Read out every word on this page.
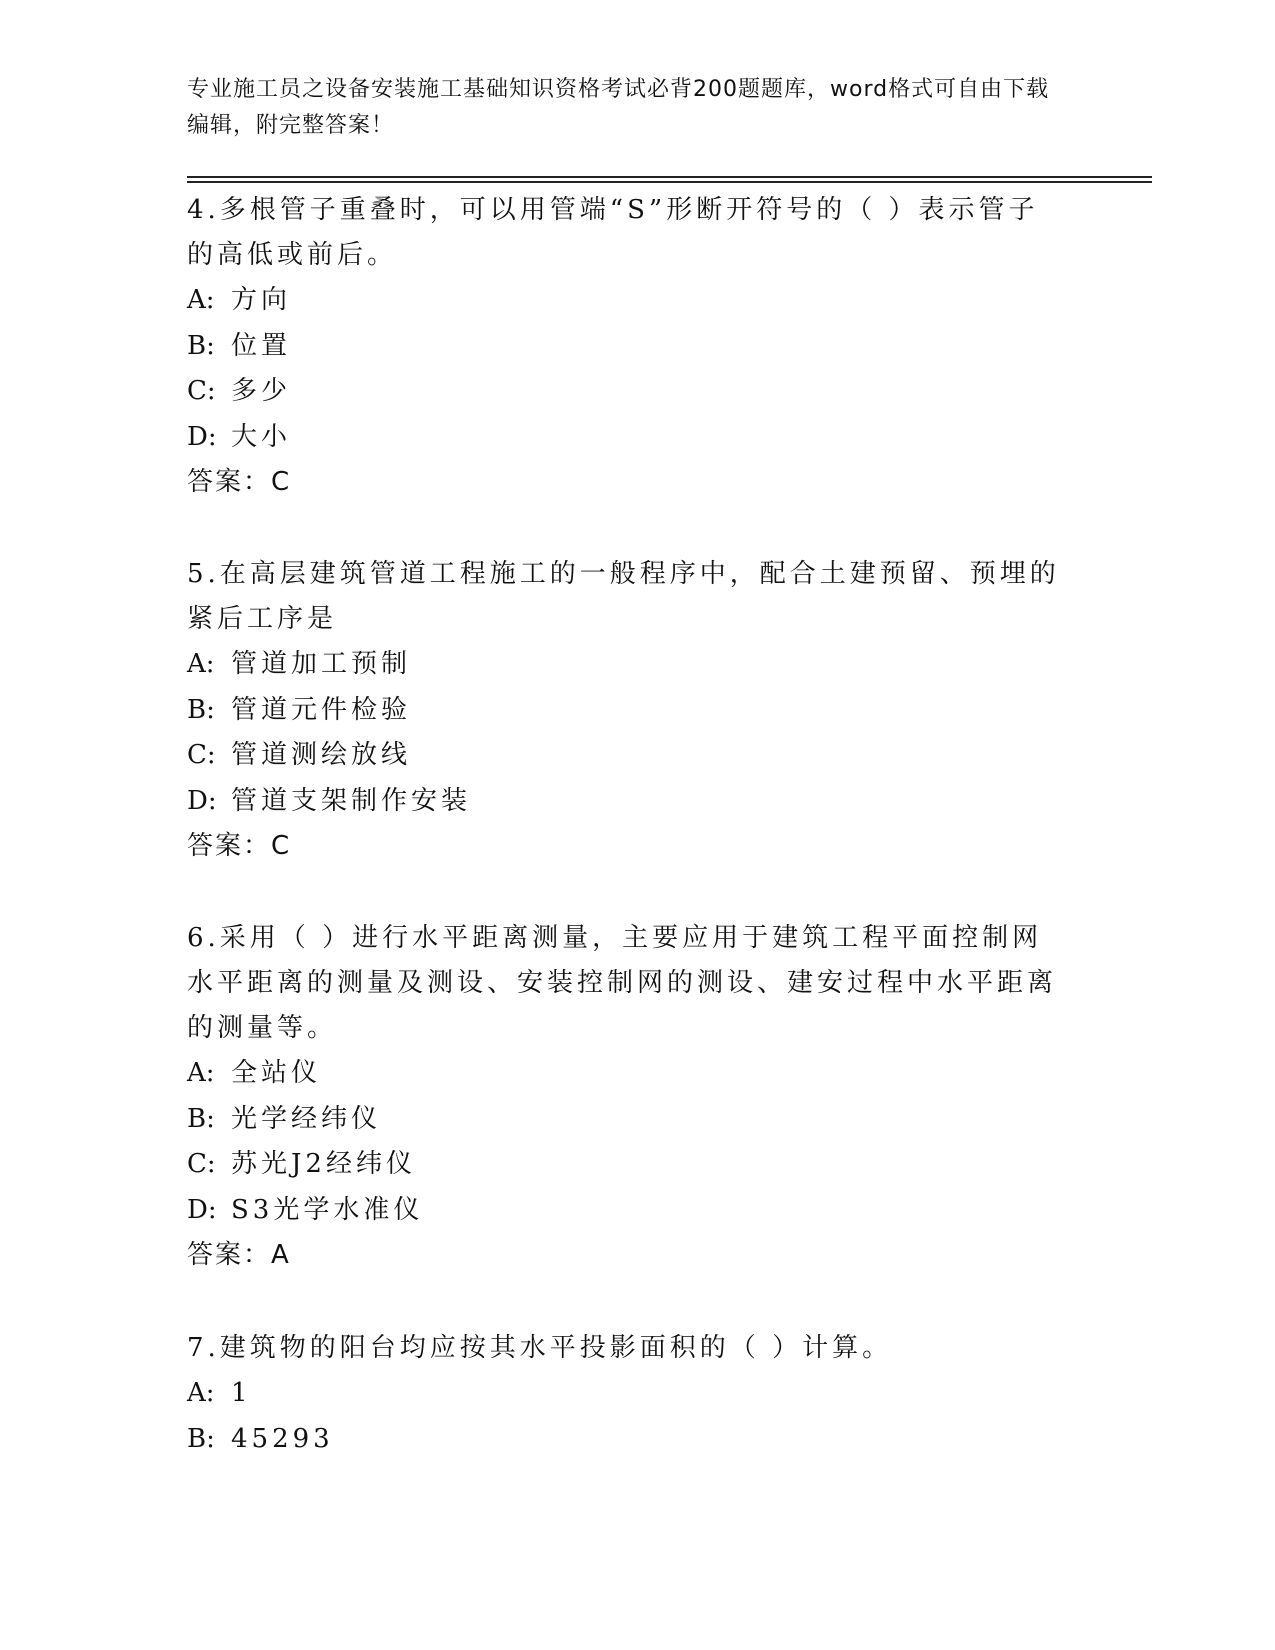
专业施工员之设备安装施工基础知识资格考试必背200题题库，word格式可自由下载编辑，附完整答案！
4.多根管子重叠时，可以用管端“S”形断开符号的（ ）表示管子的高低或前后。
A: 方向
B: 位置
C: 多少
D: 大小
答案：C
5.在高层建筑管道工程施工的一般程序中，配合土建预留、预埋的紧后工序是
A: 管道加工预制
B: 管道元件检验
C: 管道测绘放线
D: 管道支架制作安装
答案：C
6.采用（ ）进行水平距离测量，主要应用于建筑工程平面控制网水平距离的测量及测设、安装控制网的测设、建安过程中水平距离的测量等。
A: 全站仪
B: 光学经纬仪
C: 苏光J2经纬仪
D: S3光学水准仪
答案：A
7.建筑物的阳台均应按其水平投影面积的（ ）计算。
A: 1
B: 45293
